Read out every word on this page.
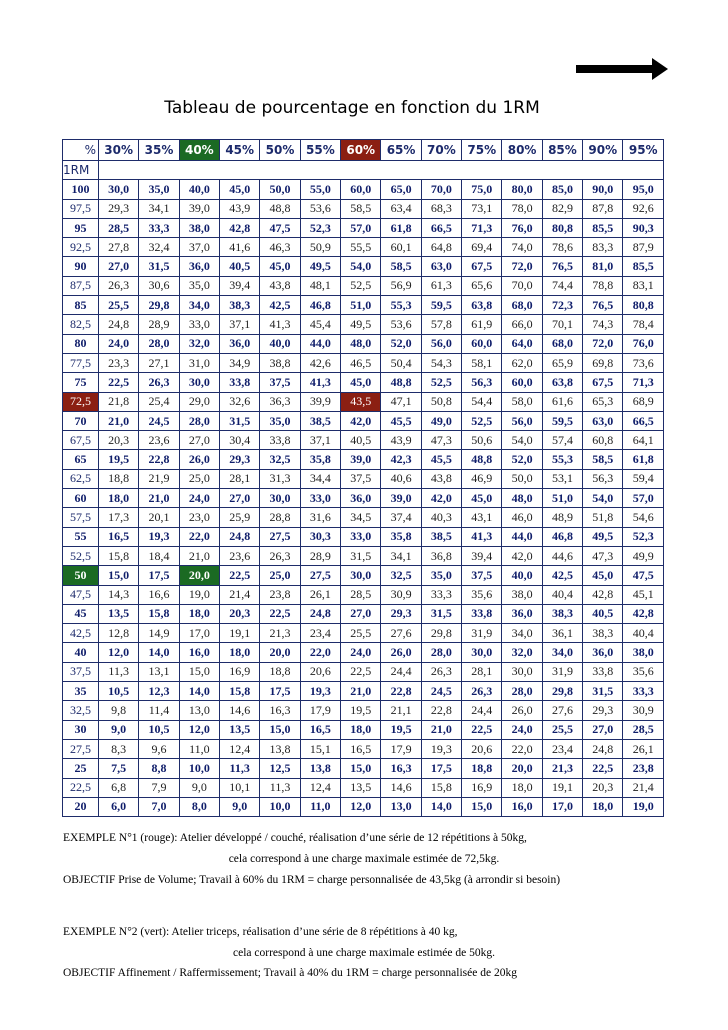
Tableau de pourcentage en fonction du 1RM
%	30%	35%	40%	45%	50%	55%	60%	65%	70%	75%	80%	85%	90%	95%
1RM														
100	30,0	35,0	40,0	45,0	50,0	55,0	60,0	65,0	70,0	75,0	80,0	85,0	90,0	95,0
97,5	29,3	34,1	39,0	43,9	48,8	53,6	58,5	63,4	68,3	73,1	78,0	82,9	87,8	92,6
95	28,5	33,3	38,0	42,8	47,5	52,3	57,0	61,8	66,5	71,3	76,0	80,8	85,5	90,3
92,5	27,8	32,4	37,0	41,6	46,3	50,9	55,5	60,1	64,8	69,4	74,0	78,6	83,3	87,9
90	27,0	31,5	36,0	40,5	45,0	49,5	54,0	58,5	63,0	67,5	72,0	76,5	81,0	85,5
87,5	26,3	30,6	35,0	39,4	43,8	48,1	52,5	56,9	61,3	65,6	70,0	74,4	78,8	83,1
85	25,5	29,8	34,0	38,3	42,5	46,8	51,0	55,3	59,5	63,8	68,0	72,3	76,5	80,8
82,5	24,8	28,9	33,0	37,1	41,3	45,4	49,5	53,6	57,8	61,9	66,0	70,1	74,3	78,4
80	24,0	28,0	32,0	36,0	40,0	44,0	48,0	52,0	56,0	60,0	64,0	68,0	72,0	76,0
77,5	23,3	27,1	31,0	34,9	38,8	42,6	46,5	50,4	54,3	58,1	62,0	65,9	69,8	73,6
75	22,5	26,3	30,0	33,8	37,5	41,3	45,0	48,8	52,5	56,3	60,0	63,8	67,5	71,3
72,5	21,8	25,4	29,0	32,6	36,3	39,9	43,5	47,1	50,8	54,4	58,0	61,6	65,3	68,9
70	21,0	24,5	28,0	31,5	35,0	38,5	42,0	45,5	49,0	52,5	56,0	59,5	63,0	66,5
67,5	20,3	23,6	27,0	30,4	33,8	37,1	40,5	43,9	47,3	50,6	54,0	57,4	60,8	64,1
65	19,5	22,8	26,0	29,3	32,5	35,8	39,0	42,3	45,5	48,8	52,0	55,3	58,5	61,8
62,5	18,8	21,9	25,0	28,1	31,3	34,4	37,5	40,6	43,8	46,9	50,0	53,1	56,3	59,4
60	18,0	21,0	24,0	27,0	30,0	33,0	36,0	39,0	42,0	45,0	48,0	51,0	54,0	57,0
57,5	17,3	20,1	23,0	25,9	28,8	31,6	34,5	37,4	40,3	43,1	46,0	48,9	51,8	54,6
55	16,5	19,3	22,0	24,8	27,5	30,3	33,0	35,8	38,5	41,3	44,0	46,8	49,5	52,3
52,5	15,8	18,4	21,0	23,6	26,3	28,9	31,5	34,1	36,8	39,4	42,0	44,6	47,3	49,9
50	15,0	17,5	20,0	22,5	25,0	27,5	30,0	32,5	35,0	37,5	40,0	42,5	45,0	47,5
47,5	14,3	16,6	19,0	21,4	23,8	26,1	28,5	30,9	33,3	35,6	38,0	40,4	42,8	45,1
45	13,5	15,8	18,0	20,3	22,5	24,8	27,0	29,3	31,5	33,8	36,0	38,3	40,5	42,8
42,5	12,8	14,9	17,0	19,1	21,3	23,4	25,5	27,6	29,8	31,9	34,0	36,1	38,3	40,4
40	12,0	14,0	16,0	18,0	20,0	22,0	24,0	26,0	28,0	30,0	32,0	34,0	36,0	38,0
37,5	11,3	13,1	15,0	16,9	18,8	20,6	22,5	24,4	26,3	28,1	30,0	31,9	33,8	35,6
35	10,5	12,3	14,0	15,8	17,5	19,3	21,0	22,8	24,5	26,3	28,0	29,8	31,5	33,3
32,5	9,8	11,4	13,0	14,6	16,3	17,9	19,5	21,1	22,8	24,4	26,0	27,6	29,3	30,9
30	9,0	10,5	12,0	13,5	15,0	16,5	18,0	19,5	21,0	22,5	24,0	25,5	27,0	28,5
27,5	8,3	9,6	11,0	12,4	13,8	15,1	16,5	17,9	19,3	20,6	22,0	23,4	24,8	26,1
25	7,5	8,8	10,0	11,3	12,5	13,8	15,0	16,3	17,5	18,8	20,0	21,3	22,5	23,8
22,5	6,8	7,9	9,0	10,1	11,3	12,4	13,5	14,6	15,8	16,9	18,0	19,1	20,3	21,4
20	6,0	7,0	8,0	9,0	10,0	11,0	12,0	13,0	14,0	15,0	16,0	17,0	18,0	19,0
EXEMPLE N°1 (rouge): Atelier développé / couché, réalisation d’une série de 12 répétitions à 50kg,
cela correspond à une charge maximale estimée de 72,5kg.
OBJECTIF Prise de Volume; Travail à 60% du 1RM = charge personnalisée de 43,5kg (à arrondir si besoin)
EXEMPLE N°2 (vert): Atelier triceps, réalisation d’une série de 8 répétitions à 40 kg,
cela correspond à une charge maximale estimée de 50kg.
OBJECTIF Affinement / Raffermissement; Travail à 40% du 1RM = charge personnalisée de 20kg
